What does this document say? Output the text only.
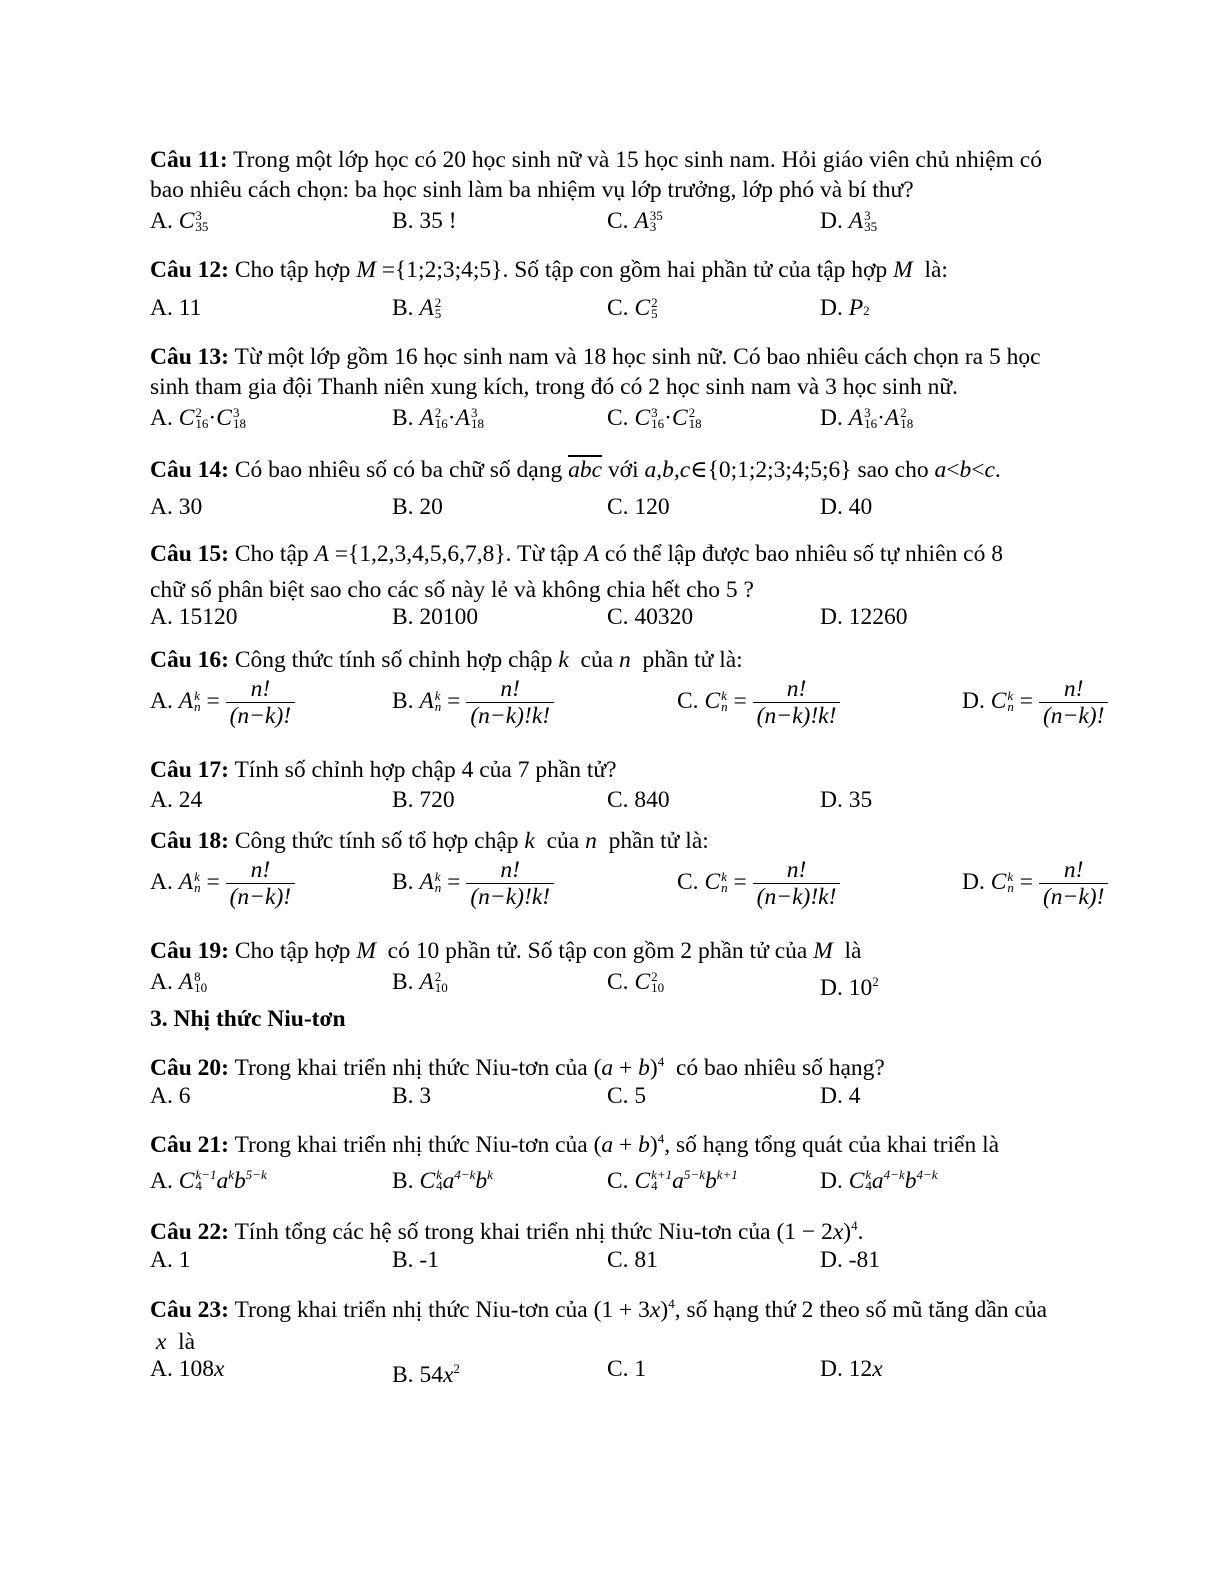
Câu 11: Trong một lớp học có 20 học sinh nữ và 15 học sinh nam. Hỏi giáo viên chủ nhiệm có
bao nhiêu cách chọn: ba học sinh làm ba nhiệm vụ lớp trưởng, lớp phó và bí thư?
A. C 3
35	B. 35 !	C. A 35
3	D. A 3
35
Câu 12: Cho tập hợp M ={1;2;3;4;5}. Số tập con gồm hai phần tử của tập hợp M là:
A. 11	B. A 2
5	C. C 2
5	D. P2
Câu 13: Từ một lớp gồm 16 học sinh nam và 18 học sinh nữ. Có bao nhiêu cách chọn ra 5 học
sinh tham gia đội Thanh niên xung kích, trong đó có 2 học sinh nam và 3 học sinh nữ.
A. C 2
16 ·C 3
18	B. A 2
16 ·A 3
18	C. C 3
16 ·C 2
18	D. A 3
16 ·A 2
18
Câu 14: Có bao nhiêu số có ba chữ số dạng $\overline{abc}$ với a,b,c∈{0;1;2;3;4;5;6} sao cho a<b<c.
A. 30	B. 20	C. 120	D. 40
Câu 15: Cho tập A ={1,2,3,4,5,6,7,8}. Từ tập A có thể lập được bao nhiêu số tự nhiên có 8
chữ số phân biệt sao cho các số này lẻ và không chia hết cho 5 ?
A. 15120	B. 20100	C. 40320	D. 12260
Câu 16: Công thức tính số chỉnh hợp chập k của n phần tử là:
A. A k
$n = \frac{n!}{(n-k)!}$	B. A k
$n = \frac{n!}{(n-k)!k!}$	C. C k
$n = \frac{n!}{(n-k)!k!}$	D. C k
$n = \frac{n!}{(n-k)!}$
Câu 17: Tính số chỉnh hợp chập 4 của 7 phần tử?
A. 24	B. 720	C. 840	D. 35
Câu 18: Công thức tính số tổ hợp chập k của n phần tử là:
A. A k
$n = \frac{n!}{(n-k)!}$	B. A k
$n = \frac{n!}{(n-k)!k!}$	C. C k
$n = \frac{n!}{(n-k)!k!}$	D. C k
$n = \frac{n!}{(n-k)!}$
Câu 19: Cho tập hợp M có 10 phần tử. Số tập con gồm 2 phần tử của M là
A. A 8
10	B. A 2
10	C. C 2
10	D. $10^2$
3. Nhị thức Niu-tơn
Câu 20: Trong khai triển nhị thức Niu-tơn của $(a + b)^4$ có bao nhiêu số hạng?
A. 6	B. 3	C. 5	D. 4
Câu 21: Trong khai triển nhị thức Niu-tơn của $(a + b)^4$, số hạng tổng quát của khai triển là
A. C k−1
4 $a^kb^{5-k}$	B. C k
4 $a^{4-k}b^k$	C. C k+1
4 $a^{5-k}b^{k+1}$	D. C k
4 $a^{4-k}b^{4-k}$
Câu 22: Tính tổng các hệ số trong khai triển nhị thức Niu-tơn của $(1 - 2x)^4$.
A. 1	B. -1	C. 81	D. -81
Câu 23: Trong khai triển nhị thức Niu-tơn của $(1 + 3x)^4$, số hạng thứ 2 theo số mũ tăng dần của
x là
A. 108x	B. $54x^2$	C. 1	D. 12x
